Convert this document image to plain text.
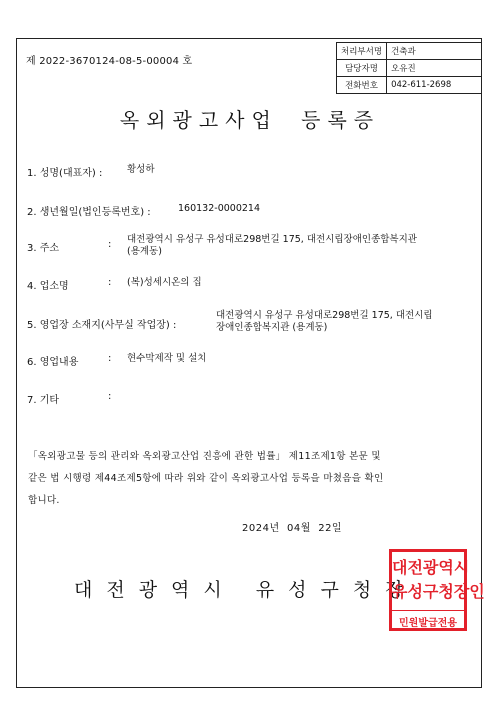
제 2022-3670124-08-5-00004 호
처리부서명	건축과
담당자명	오유진
전화번호	042-611-2698
옥외광고사업 등록증
1. 성명(대표자) :	황성하
2. 생년월일(법인등록번호) :	160132-0000214
3. 주소	: 대전광역시 유성구 유성대로298번길 175, 대전시립장애인종합복지관
(용계동)
4. 업소명	: (복)성세시온의 집
5. 영업장 소재지(사무실 작업장) :
대전광역시 유성구 유성대로298번길 175, 대전시립
장애인종합복지관 (용계동)
6. 영업내용	: 현수막제작 및 설치
7. 기타	:
「옥외광고물 등의 관리와 옥외광고산업 진흥에 관한 법률」 제11조제1항 본문 및
같은 법 시행령 제44조제5항에 따라 위와 같이 옥외광고사업 등록을 마쳤음을 확인
합니다.
2024년  04월  22일
대전광역시 유성구청장
대전광역시
유성구청장인
민원발급전용
